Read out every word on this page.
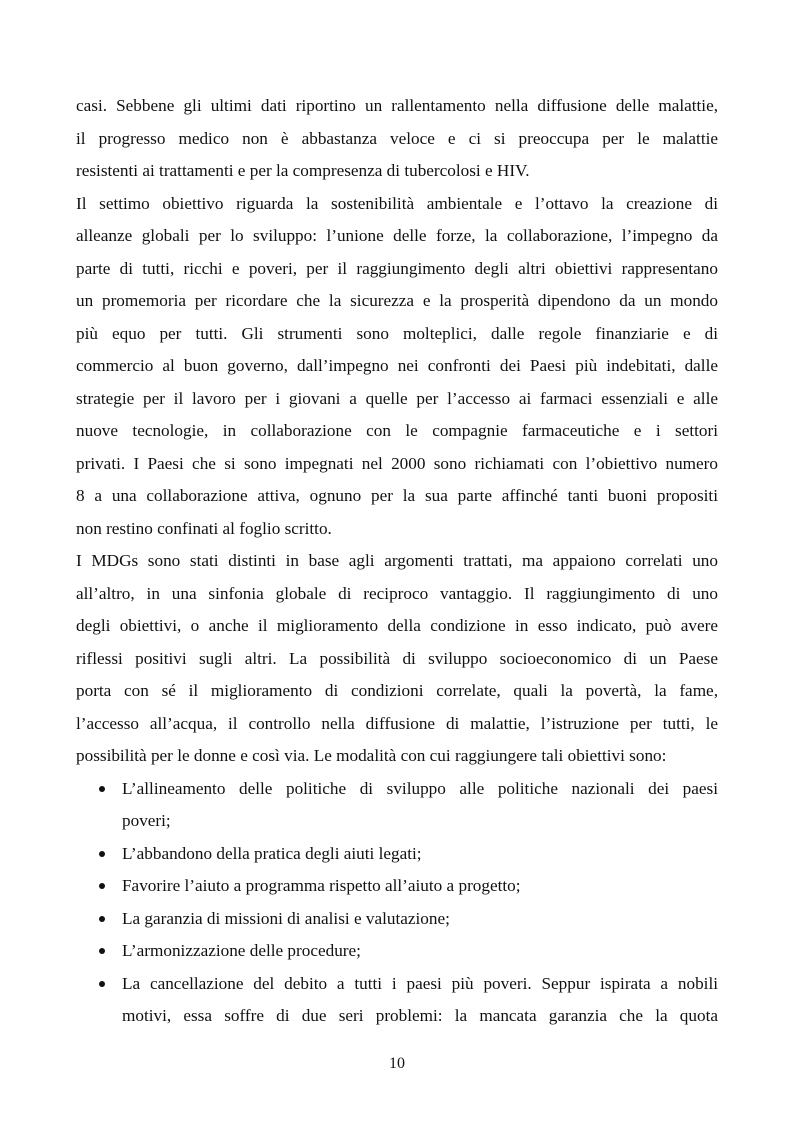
casi. Sebbene gli ultimi dati riportino un rallentamento nella diffusione delle malattie,
il progresso medico non è abbastanza veloce e ci si preoccupa per le malattie
resistenti ai trattamenti e per la compresenza di tubercolosi e HIV.
Il settimo obiettivo riguarda la sostenibilità ambientale e l’ottavo la creazione di
alleanze globali per lo sviluppo: l’unione delle forze, la collaborazione, l’impegno da
parte di tutti, ricchi e poveri, per il raggiungimento degli altri obiettivi rappresentano
un promemoria per ricordare che la sicurezza e la prosperità dipendono da un mondo
più equo per tutti. Gli strumenti sono molteplici, dalle regole finanziarie e di
commercio al buon governo, dall’impegno nei confronti dei Paesi più indebitati, dalle
strategie per il lavoro per i giovani a quelle per l’accesso ai farmaci essenziali e alle
nuove tecnologie, in collaborazione con le compagnie farmaceutiche e i settori
privati. I Paesi che si sono impegnati nel 2000 sono richiamati con l’obiettivo numero
8 a una collaborazione attiva, ognuno per la sua parte affinché tanti buoni propositi
non restino confinati al foglio scritto.
I MDGs sono stati distinti in base agli argomenti trattati, ma appaiono correlati uno
all’altro, in una sinfonia globale di reciproco vantaggio. Il raggiungimento di uno
degli obiettivi, o anche il miglioramento della condizione in esso indicato, può avere
riflessi positivi sugli altri. La possibilità di sviluppo socioeconomico di un Paese
porta con sé il miglioramento di condizioni correlate, quali la povertà, la fame,
l’accesso all’acqua, il controllo nella diffusione di malattie, l’istruzione per tutti, le
possibilità per le donne e così via. Le modalità con cui raggiungere tali obiettivi sono:
L’allineamento delle politiche di sviluppo alle politiche nazionali dei paesi
poveri;
L’abbandono della pratica degli aiuti legati;
Favorire l’aiuto a programma rispetto all’aiuto a progetto;
La garanzia di missioni di analisi e valutazione;
L’armonizzazione delle procedure;
La cancellazione del debito a tutti i paesi più poveri. Seppur ispirata a nobili
motivi, essa soffre di due seri problemi: la mancata garanzia che la quota
10
